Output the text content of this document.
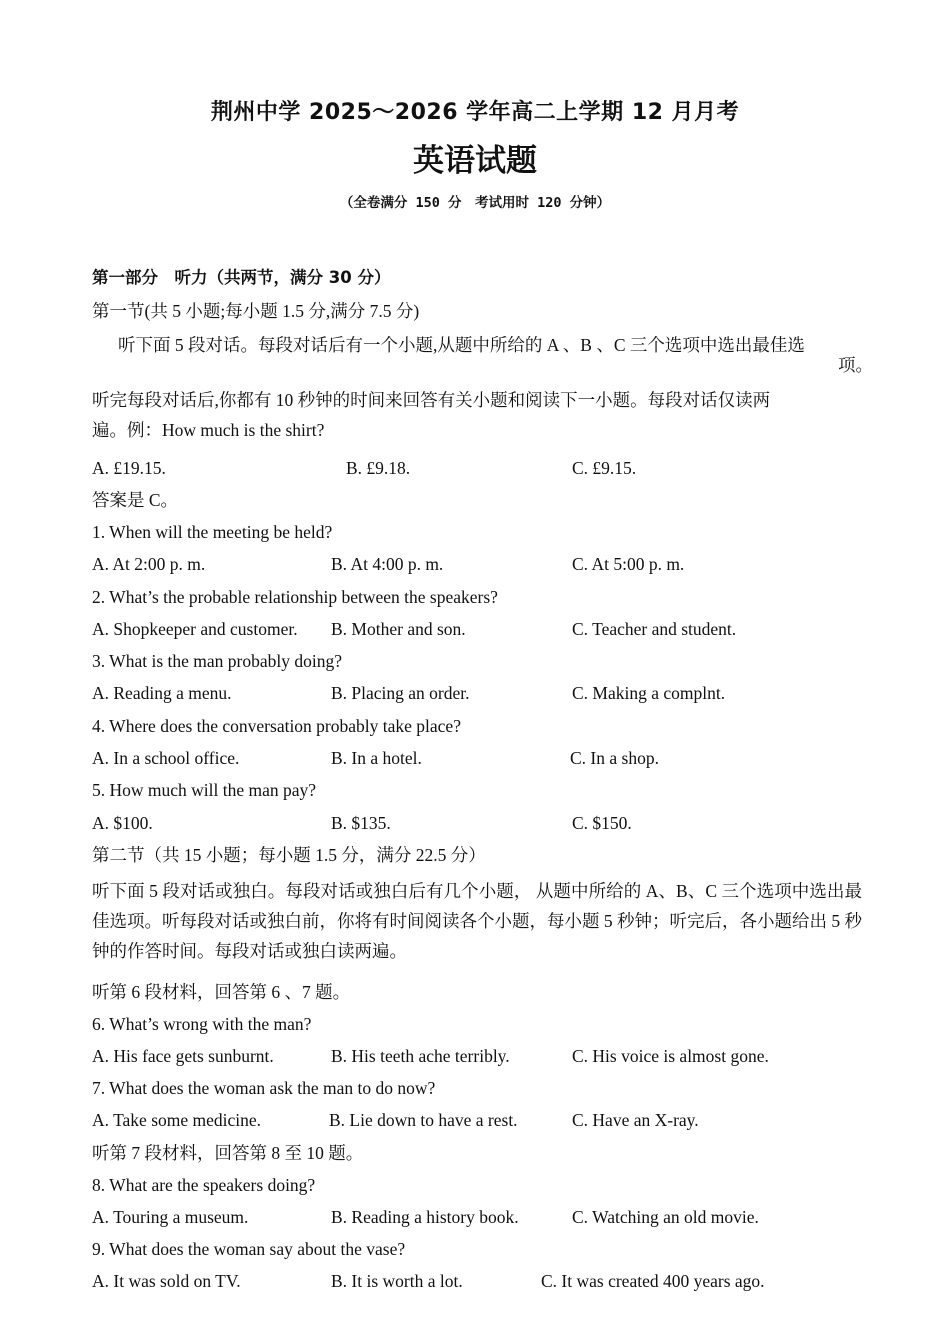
荆州中学 2025～2026 学年高二上学期 12 月月考
英语试题
（全卷满分 150 分　考试用时 120 分钟）
第一部分　听力（共两节，满分 30 分）
第一节(共 5 小题;每小题 1.5 分,满分 7.5 分)
听下面 5 段对话。每段对话后有一个小题,从题中所给的 A 、B 、C 三个选项中选出最佳选
项。
听完每段对话后,你都有 10 秒钟的时间来回答有关小题和阅读下一小题。每段对话仅读两
遍。例：How much is the shirt?
A. £19.15.	B. £9.18.	C. £9.15.
答案是 C。
1. When will the meeting be held?
A. At 2:00 p. m.	B. At 4:00 p. m.	C. At 5:00 p. m.
2. What’s the probable relationship between the speakers?
A. Shopkeeper and customer. B. Mother and son.	C. Teacher and student.
3. What is the man probably doing?
A. Reading a menu.	B. Placing an order.	C. Making a complnt.
4. Where does the conversation probably take place?
A. In a school office.	B. In a hotel.	C. In a shop.
5. How much will the man pay?
A. $100.	B. $135.	C. $150.
第二节（共 15 小题；每小题 1.5 分，满分 22.5 分）
听下面 5 段对话或独白。每段对话或独白后有几个小题， 从题中所给的 A、B、C 三个选项中选出最佳选项。听每段对话或独白前，你将有时间阅读各个小题，每小题 5 秒钟；听完后，各小题给出 5 秒钟的作答时间。每段对话或独白读两遍。
听第 6 段材料，回答第 6 、7 题。
6. What’s wrong with the man?
A. His face gets sunburnt.	B. His teeth ache terribly.	C. His voice is almost gone.
7. What does the woman ask the man to do now?
A. Take some medicine.	B. Lie down to have a rest.	C. Have an X-ray.
听第 7 段材料，回答第 8 至 10 题。
8. What are the speakers doing?
A. Touring a museum.	B. Reading a history book.	C. Watching an old movie.
9. What does the woman say about the vase?
A. It was sold on TV.	B. It is worth a lot.	C. It was created 400 years ago.
